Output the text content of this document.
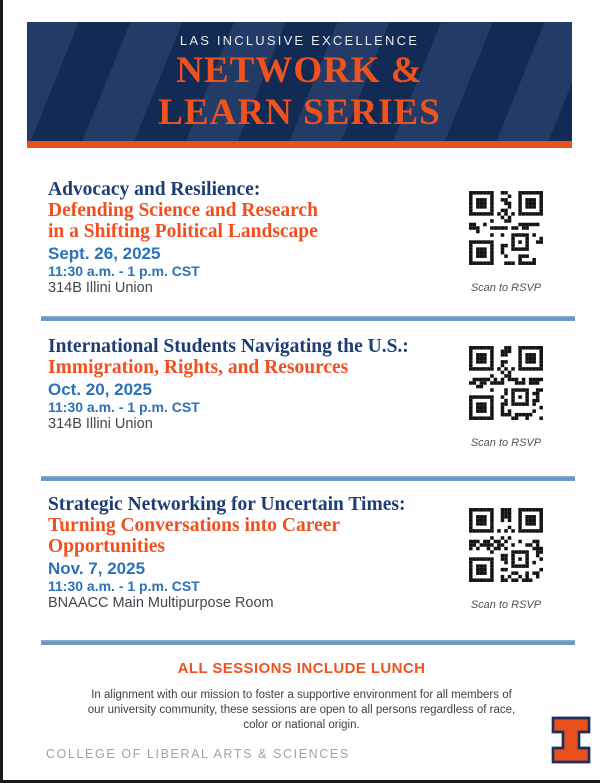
LAS INCLUSIVE EXCELLENCE
NETWORK &
LEARN SERIES
Advocacy and Resilience:
Defending Science and Research
in a Shifting Political Landscape
Sept. 26, 2025
11:30 a.m. - 1 p.m. CST
314B Illini Union	Scan to RSVP
International Students Navigating the U.S.:
Immigration, Rights, and Resources
Oct. 20, 2025
11:30 a.m. - 1 p.m. CST
314B Illini Union
Scan to RSVP
Strategic Networking for Uncertain Times:
Turning Conversations into Career
Opportunities
Nov. 7, 2025
11:30 a.m. - 1 p.m. CST
BNAACC Main Multipurpose Room	Scan to RSVP
ALL SESSIONS INCLUDE LUNCH
In alignment with our mission to foster a supportive environment for all members of our university community, these sessions are open to all persons regardless of race, color or national origin.
COLLEGE OF LIBERAL ARTS & SCIENCES
